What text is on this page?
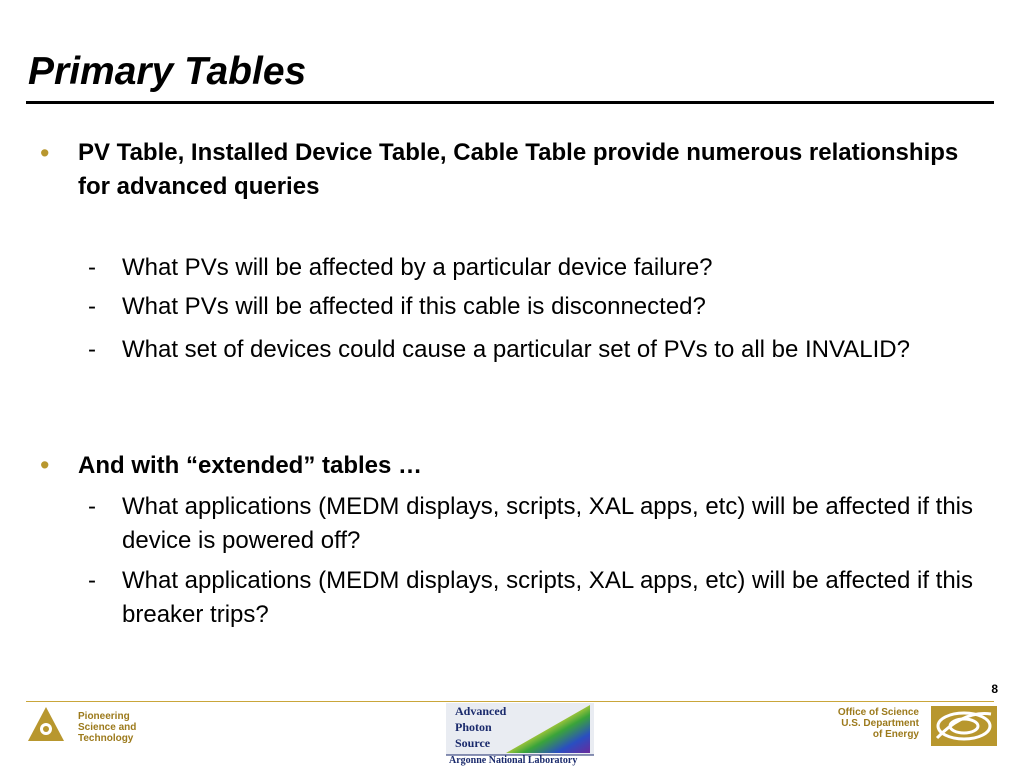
Primary Tables
• PV Table, Installed Device Table, Cable Table provide numerous relationships for advanced queries
- What PVs will be affected by a particular device failure?
- What PVs will be affected if this cable is disconnected?
- What set of devices could cause a particular set of PVs to all be INVALID?
• And with “extended” tables …
- What applications (MEDM displays, scripts, XAL apps, etc) will be affected if this device is powered off?
- What applications (MEDM displays, scripts, XAL apps, etc) will be affected if this breaker trips?
8
Pioneering
Science and
Technology
Advanced
Photon
Source
Argonne National Laboratory
Office of Science
U.S. Department
of Energy
